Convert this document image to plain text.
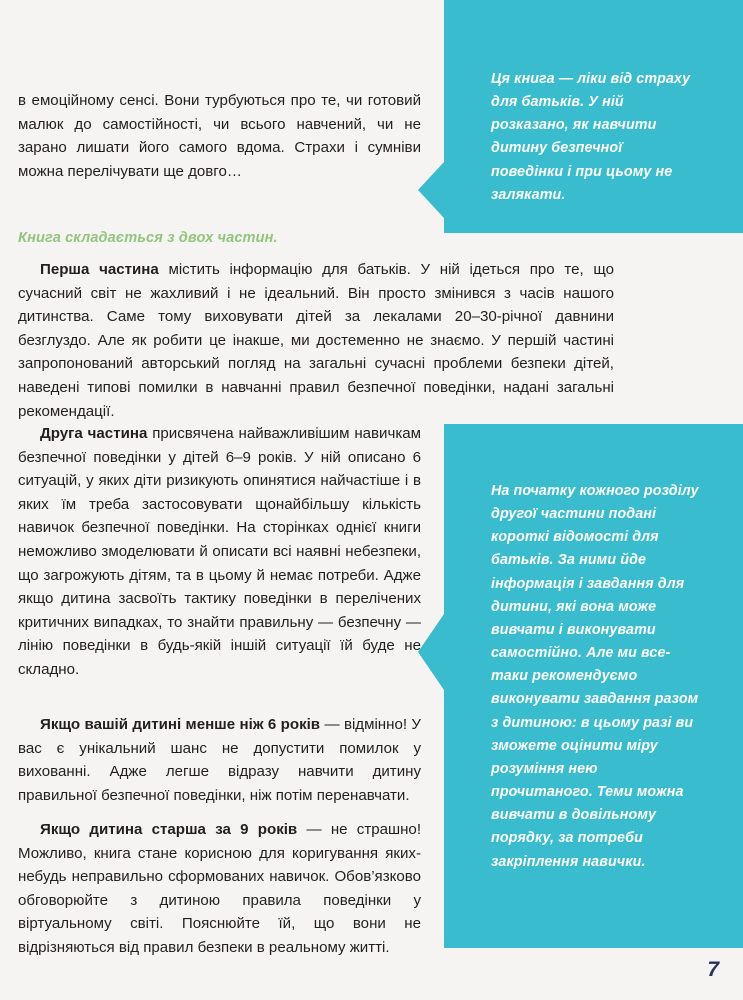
Ця книга — ліки від страху для батьків. У ній розказано, як навчити дитину безпечної поведінки і при цьому не залякати.
На початку кожного розділу другої частини подані короткі відомості для батьків. За ними йде інформація і завдання для дитини, які вона може вивчати і виконувати самостійно. Але ми все-таки рекомендуємо виконувати завдання разом з дитиною: в цьому разі ви зможете оцінити міру розуміння нею прочитаного. Теми можна вивчати в довільному порядку, за потреби закріплення навички.

в емоційному сенсі. Вони турбуються про те, чи готовий малюк до самостійності, чи всього навчений, чи не зарано лишати його самого вдома. Страхи і сумніви можна перелічувати ще довго…

Книга складається з двох частин.

Перша частина містить інформацію для батьків. У ній ідеться про те, що сучасний світ не жахливий і не ідеальний. Він просто змінився з часів нашого дитинства. Саме тому виховувати дітей за лекалами 20–30-річної давнини безглуздо. Але як робити це інакше, ми достеменно не знаємо. У першій частині запропонований авторський погляд на загальні сучасні проблеми безпеки дітей, наведені типові помилки в навчанні правил безпечної поведінки, надані загальні рекомендації.

Друга частина присвячена найважливішим навичкам безпечної поведінки у дітей 6–9 років. У ній описано 6 ситуацій, у яких діти ризикують опинятися найчастіше і в яких їм треба застосовувати щонайбільшу кількість навичок безпечної поведінки. На сторінках однієї книги неможливо змоделювати й описати всі наявні небезпеки, що загрожують дітям, та в цьому й немає потреби. Адже якщо дитина засвоїть тактику поведінки в перелічених критичних випадках, то знайти правильну — безпечну — лінію поведінки в будь-якій іншій ситуації їй буде не складно.

Якщо вашій дитині менше ніж 6 років — відмінно! У вас є унікальний шанс не допустити помилок у вихованні. Адже легше відразу навчити дитину правильної безпечної поведінки, ніж потім перенавчати.

Якщо дитина старша за 9 років — не страшно! Можливо, книга стане корисною для коригування яких-небудь неправильно сформованих навичок. Обов’язково обговорюйте з дитиною правила поведінки у віртуальному світі. Пояснюйте їй, що вони не відрізняються від правил безпеки в реальному житті.

7
